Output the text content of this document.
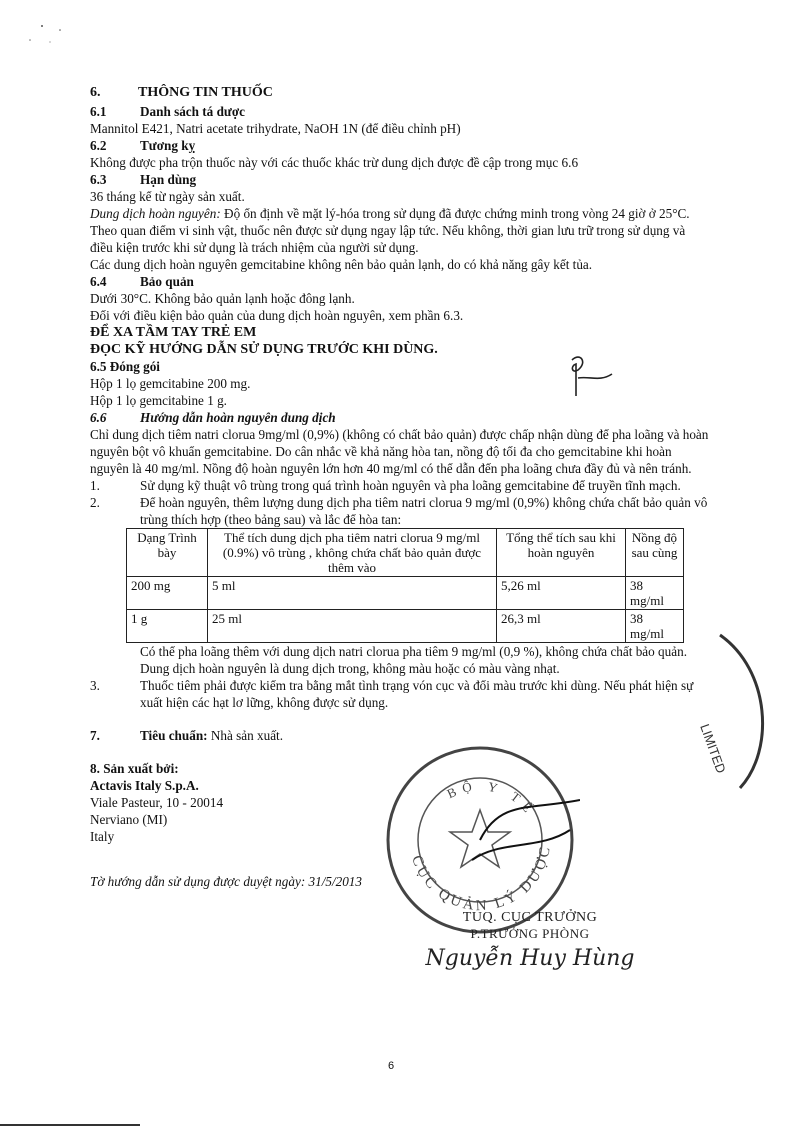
6.	THÔNG TIN THUỐC
6.1	Danh sách tá dược
Mannitol E421, Natri acetate trihydrate, NaOH 1N (để điều chỉnh pH)
6.2	Tương kỵ
Không được pha trộn thuốc này với các thuốc khác trừ dung dịch được đề cập trong mục 6.6
6.3	Hạn dùng
36 tháng kể từ ngày sản xuất.
Dung dịch hoàn nguyên: Độ ổn định về mặt lý-hóa trong sử dụng đã được chứng minh trong vòng 24 giờ ở 25°C. Theo quan điểm vi sinh vật, thuốc nên được sử dụng ngay lập tức. Nếu không, thời gian lưu trữ trong sử dụng và điều kiện trước khi sử dụng là trách nhiệm của người sử dụng.
Các dung dịch hoàn nguyên gemcitabine không nên bảo quản lạnh, do có khả năng gây kết tủa.
6.4	Bảo quản
Dưới 30°C. Không bảo quản lạnh hoặc đông lạnh.
Đối với điều kiện bảo quản của dung dịch hoàn nguyên, xem phần 6.3.
ĐỂ XA TẦM TAY TRẺ EM
ĐỌC KỸ HƯỚNG DẪN SỬ DỤNG TRƯỚC KHI DÙNG.
6.5 Đóng gói
Hộp 1 lọ gemcitabine 200 mg.
Hộp 1 lọ gemcitabine 1 g.
6.6	Hướng dẫn hoàn nguyên dung dịch
Chỉ dung dịch tiêm natri clorua 9mg/ml (0,9%) (không có chất bảo quản) được chấp nhận dùng để pha loãng và hoàn nguyên bột vô khuẩn gemcitabine. Do cân nhắc về khả năng hòa tan, nồng độ tối đa cho gemcitabine khi hoàn nguyên là 40 mg/ml. Nồng độ hoàn nguyên lớn hơn 40 mg/ml có thể dẫn đến pha loãng chưa đầy đủ và nên tránh.
1.	Sử dụng kỹ thuật vô trùng trong quá trình hoàn nguyên và pha loãng gemcitabine để truyền tĩnh mạch.
2.	Để hoàn nguyên, thêm lượng dung dịch pha tiêm natri clorua 9 mg/ml (0,9%) không chứa chất bảo quản vô trùng thích hợp (theo bảng sau) và lắc để hòa tan:
Dạng Trình bày	Thể tích dung dịch pha tiêm natri clorua 9 mg/ml (0.9%) vô trùng , không chứa chất bảo quản được thêm vào	Tổng thể tích sau khi hoàn nguyên	Nồng độ sau cùng
200 mg	5 ml	5,26 ml	38 mg/ml
1 g	25 ml	26,3 ml	38 mg/ml
Có thể pha loãng thêm với dung dịch natri clorua pha tiêm 9 mg/ml (0,9 %), không chứa chất bảo quản. Dung dịch hoàn nguyên là dung dịch trong, không màu hoặc có màu vàng nhạt.
3.	Thuốc tiêm phải được kiểm tra bằng mắt tình trạng vón cục và đổi màu trước khi dùng. Nếu phát hiện sự xuất hiện các hạt lơ lững, không được sử dụng.
7.	Tiêu chuẩn: Nhà sản xuất.
8. Sản xuất bởi:
Actavis Italy S.p.A.
Viale Pasteur, 10 - 20014
Nerviano (MI)
Italy
LIMITED
CỤC QUẢN LÝ DƯỢC
BỘ Y TẾ
Tờ hướng dẫn sử dụng được duyệt ngày: 31/5/2013
TUQ. CỤC TRƯỞNG
P.TRƯỞNG PHÒNG
Nguyễn Huy Hùng
6
